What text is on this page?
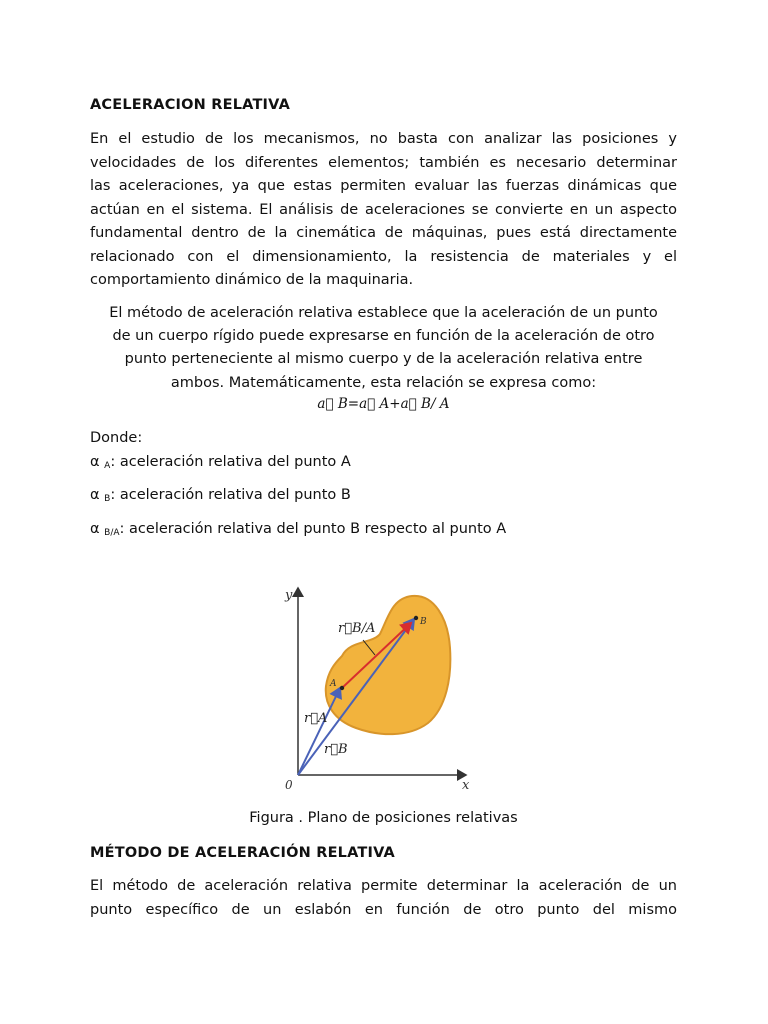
ACELERACION RELATIVA
En el estudio de los mecanismos, no basta con analizar las posiciones y
velocidades de los diferentes elementos; también es necesario determinar
las aceleraciones, ya que estas permiten evaluar las fuerzas dinámicas que
actúan en el sistema. El análisis de aceleraciones se convierte en un aspecto
fundamental dentro de la cinemática de máquinas, pues está directamente
relacionado con el dimensionamiento, la resistencia de materiales y el
comportamiento dinámico de la maquinaria.
El método de aceleración relativa establece que la aceleración de un punto
de un cuerpo rígido puede expresarse en función de la aceleración de otro
punto perteneciente al mismo cuerpo y de la aceleración relativa entre
ambos. Matemáticamente, esta relación se expresa como:
a⃗ B=a⃗ A+a⃗ B/ A
Donde:
α $_A$: aceleración relativa del punto A
α $_B$: aceleración relativa del punto B
α $_{B/A}$: aceleración relativa del punto B respecto al punto A
y
x
0
A
B
r⃗A
r⃗B
r⃗B/A
Figura . Plano de posiciones relativas
MÉTODO DE ACELERACIÓN RELATIVA
El método de aceleración relativa permite determinar la aceleración de un
punto específico de un eslabón en función de otro punto del mismo
